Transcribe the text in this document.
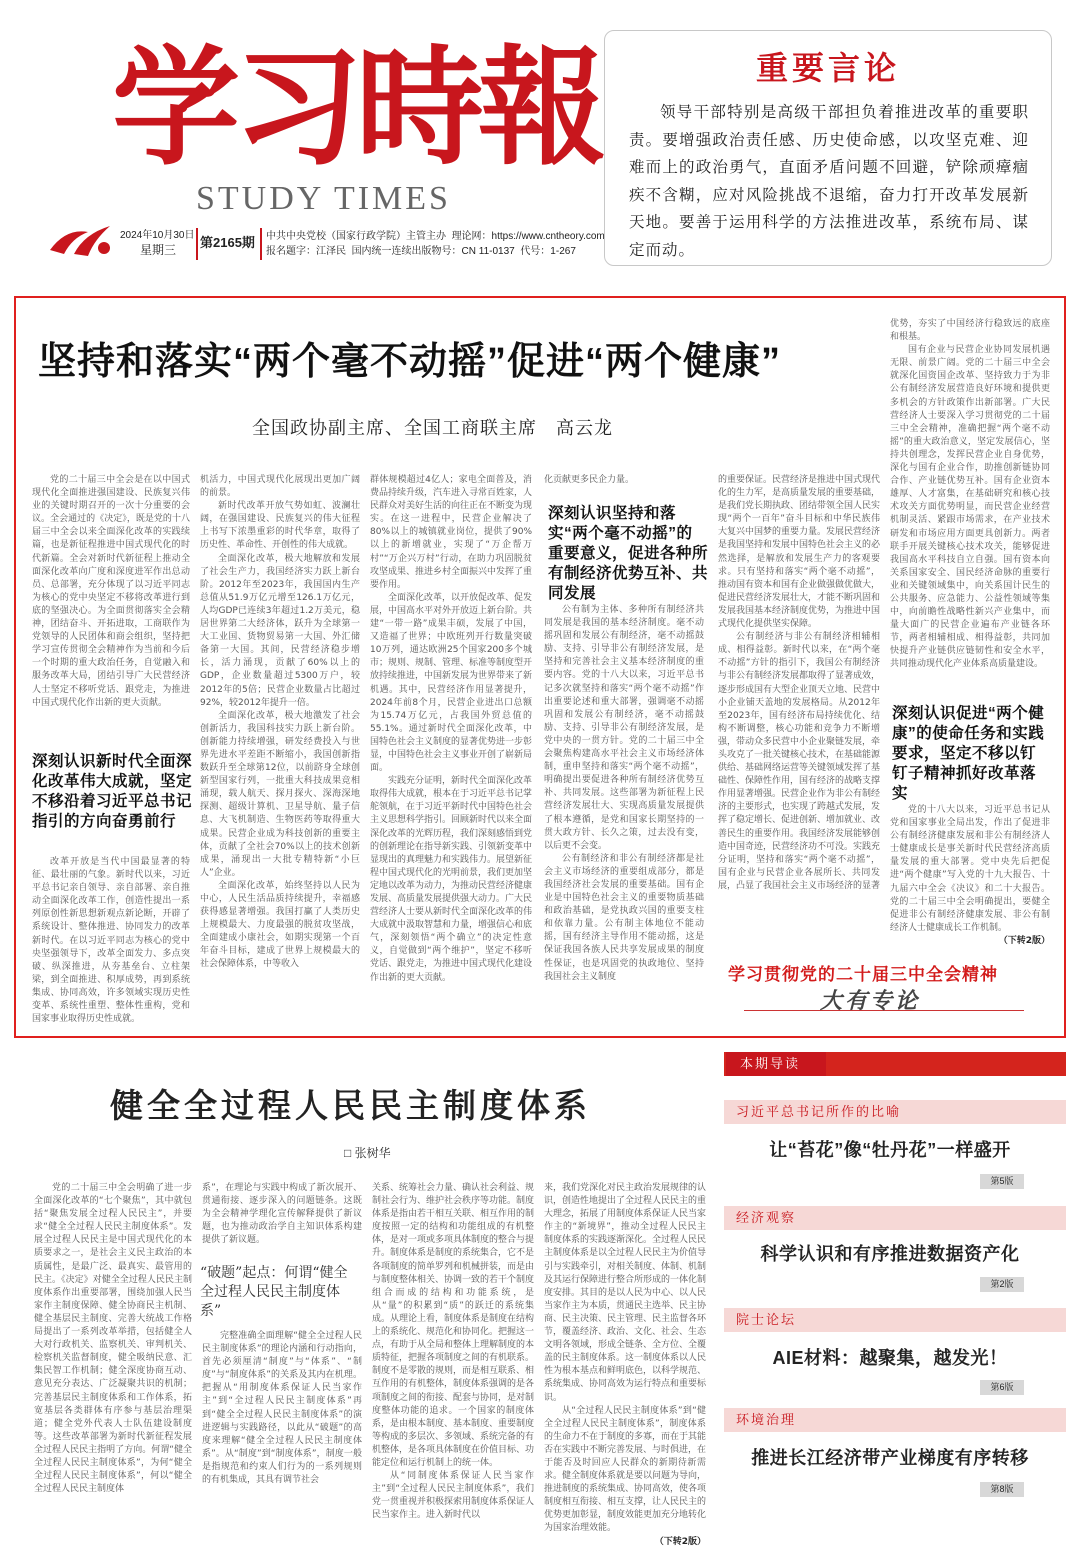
学习時報
STUDY TIMES
2024年10月30日
星期三	第2165期 中共中央党校（国家行政学院）主管主办 理论网：https://www.cntheory.com
报名题字：江泽民 国内统一连续出版物号：CN 11-0137 代号：1-267
重要言论
领导干部特别是高级干部担负着推进改革的重要职责。要增强政治责任感、历史使命感，以攻坚克难、迎难而上的政治勇气，直面矛盾问题不回避，铲除顽瘴痼疾不含糊，应对风险挑战不退缩，奋力打开改革发展新天地。要善于运用科学的方法推进改革，系统布局、谋定而动。
坚持和落实“两个毫不动摇”促进“两个健康”
全国政协副主席、全国工商联主席　高云龙

党的二十届三中全会是在以中国式现代化全面推进强国建设、民族复兴伟业的关键时期召开的一次十分重要的会议。全会通过的《决定》，既是党的十八届三中全会以来全面深化改革的实践续篇，也是新征程推进中国式现代化的时代新篇。全会对新时代新征程上推动全面深化改革向广度和深度进军作出总动员、总部署，充分体现了以习近平同志为核心的党中央坚定不移将改革进行到底的坚强决心。为全面贯彻落实全会精神，团结奋斗、开拓进取，工商联作为党领导的人民团体和商会组织，坚持把学习宣传贯彻全会精神作为当前和今后一个时期的重大政治任务，自觉融入和服务改革大局，团结引导广大民营经济人士坚定不移听党话、跟党走，为推进中国式现代化作出新的更大贡献。

深刻认识新时代全面深化改革伟大成就，坚定不移沿着习近平总书记指引的方向奋勇前行

改革开放是当代中国最显著的特征、最壮丽的气象。新时代以来，习近平总书记亲自领导、亲自部署、亲自推动全面深化改革工作，创造性提出一系列原创性新思想新观点新论断，开辟了系统设计、整体推进、协同发力的改革新时代。在以习近平同志为核心的党中央坚强领导下，改革全面发力、多点突破、纵深推进，从夯基垒台、立柱架梁，到全面推进、积厚成势，再到系统集成、协同高效，许多领域实现历史性变革、系统性重塑、整体性重构，党和国家事业取得历史性成就。

机活力，中国式现代化展现出更加广阔的前景。

新时代改革开放气势如虹、波澜壮阔，在强国建设、民族复兴的伟大征程上书写下浓墨重彩的时代华章，取得了历史性、革命性、开创性的伟大成就。

全面深化改革，极大地解放和发展了社会生产力，我国经济实力跃上新台阶。2012年至2023年，我国国内生产总值从51.9万亿元增至126.1万亿元，人均GDP已连续3年超过1.2万美元，稳居世界第二大经济体，跃升为全球第一大工业国、货物贸易第一大国、外汇储备第一大国。其间，民营经济稳步增长，活力涌现，贡献了60%以上的GDP，企业数量超过5300万户，较2012年的5倍；民营企业数量占比超过92%，较2012年提升一倍。

全面深化改革，极大地激发了社会创新活力，我国科技实力跃上新台阶。创新能力持续增强，研发经费投入与世界先进水平差距不断缩小，我国创新指数跃升至全球第12位，以前跻身全球创新型国家行列，一批重大科技成果竞相涌现，载人航天、探月探火、深海深地探测、超级计算机、卫星导航、量子信息、大飞机制造、生物医药等取得重大成果。民营企业成为科技创新的重要主体，贡献了全社会70%以上的技术创新成果，涌现出一大批专精特新“小巨人”企业。

全面深化改革，始终坚持以人民为中心，人民生活品质持续提升，幸福感获得感显著增强。我国打赢了人类历史上规模最大、力度最强的脱贫攻坚战，全面建成小康社会，如期实现第一个百年奋斗目标，建成了世界上规模最大的社会保障体系，中等收入

群体规模超过4亿人；家电全面普及，消费品持续升级，汽车进入寻常百姓家，人民群众对美好生活的向往正在不断变为现实。在这一进程中，民营企业解决了80%以上的城镇就业岗位，提供了90%以上的新增就业，实现了“万企帮万村”“万企兴万村”行动，在助力巩固脱贫攻坚成果、推进乡村全面振兴中发挥了重要作用。

全面深化改革，以开放促改革、促发展，中国高水平对外开放迈上新台阶。共建“一带一路”成果丰硕，发展了中国，又造福了世界；中欧班列开行数量突破10万列，通达欧洲25个国家200多个城市；规则、规制、管理、标准等制度型开放持续推进，中国新发展为世界带来了新机遇。其中，民营经济作用显著提升，2024年前8个月，民营企业进出口总额为15.74万亿元，占我国外贸总值的55.1%。通过新时代全面深化改革，中国特色社会主义制度的显著优势进一步彰显，中国特色社会主义事业开创了崭新局面。

实践充分证明，新时代全面深化改革取得伟大成就，根本在于习近平总书记掌舵领航，在于习近平新时代中国特色社会主义思想科学指引。回顾新时代以来全面深化改革的光辉历程，我们深刻感悟到党的创新理论在指导新实践、引领新变革中显现出的真理魅力和实践伟力。展望新征程中国式现代化的光明前景，我们更加坚定地以改革为动力，为推动民营经济健康发展、高质量发展提供强大动力。广大民营经济人士要从新时代全面深化改革的伟大成就中汲取智慧和力量，增强信心和底气，深刻领悟“两个确立”的决定性意义，自觉做到“两个维护”，坚定不移听党话、跟党走，为推进中国式现代化建设作出新的更大贡献。

化贡献更多民企力量。

深刻认识坚持和落实“两个毫不动摇”的重要意义，促进各种所有制经济优势互补、共同发展

公有制为主体、多种所有制经济共同发展是我国的基本经济制度。毫不动摇巩固和发展公有制经济，毫不动摇鼓励、支持、引导非公有制经济发展，是坚持和完善社会主义基本经济制度的重要内容。党的十八大以来，习近平总书记多次就坚持和落实“两个毫不动摇”作出重要论述和重大部署，强调毫不动摇巩固和发展公有制经济，毫不动摇鼓励、支持、引导非公有制经济发展，是党中央的一贯方针。党的二十届三中全会聚焦构建高水平社会主义市场经济体制，重申坚持和落实“两个毫不动摇”，明确提出要促进各种所有制经济优势互补、共同发展。这些部署为新征程上民营经济发展壮大、实现高质量发展提供了根本遵循，是党和国家长期坚持的一贯大政方针、长久之策，过去没有变，以后更不会变。

公有制经济和非公有制经济都是社会主义市场经济的重要组成部分，都是我国经济社会发展的重要基础。国有企业是中国特色社会主义的重要物质基础和政治基础，是党执政兴国的重要支柱和依靠力量。公有制主体地位不能动摇，国有经济主导作用不能动摇，这是保证我国各族人民共享发展成果的制度性保证，也是巩固党的执政地位、坚持我国社会主义制度

的重要保证。民营经济是推进中国式现代化的生力军，是高质量发展的重要基础，是我们党长期执政、团结带领全国人民实现“两个一百年”奋斗目标和中华民族伟大复兴中国梦的重要力量。发展民营经济是我国坚持和发展中国特色社会主义的必然选择，是解放和发展生产力的客观要求。只有坚持和落实“两个毫不动摇”，推动国有资本和国有企业做强做优做大，促进民营经济发展壮大，才能不断巩固和发展我国基本经济制度优势，为推进中国式现代化提供坚实保障。

公有制经济与非公有制经济相辅相成、相得益彰。新时代以来，在“两个毫不动摇”方针的指引下，我国公有制经济与非公有制经济发展都取得了显著成效，逐步形成国有大型企业顶天立地、民营中小企业铺天盖地的发展格局。从2012年至2023年，国有经济布局持续优化、结构不断调整，核心功能和竞争力不断增强，带动众多民营中小企业聚链发展，牵头攻克了一批关键核心技术，在基础能源供给、基础网络运营等关键领域发挥了基础性、保障性作用，国有经济的战略支撑作用显著增强。民营企业作为非公有制经济的主要形式，也实现了跨越式发展，发挥了稳定增长、促进创新、增加就业、改善民生的重要作用。我国经济发展能够创造中国奇迹，民营经济功不可没。实践充分证明，坚持和落实“两个毫不动摇”，国有企业与民营企业各展所长、共同发展，凸显了我国社会主义市场经济的显著

优势，夯实了中国经济行稳致远的底座和根基。

国有企业与民营企业协同发展机遇无限、前景广阔。党的二十届三中全会就深化国资国企改革、坚持致力于为非公有制经济发展营造良好环境和提供更多机会的方针政策作出新部署。广大民营经济人士要深入学习贯彻党的二十届三中全会精神，准确把握“两个毫不动摇”的重大政治意义，坚定发展信心，坚持共创理念，发挥民营企业自身优势，深化与国有企业合作，助推创新链协同合作、产业链优势互补。国有企业资本雄厚、人才富集，在基础研究和核心技术攻关方面优势明显，而民营企业经营机制灵活、紧跟市场需求，在产业技术研发和市场应用方面更具创新力。两者联手开展关键核心技术攻关，能够促进我国高水平科技自立自强。国有资本向关系国家安全、国民经济命脉的重要行业和关键领域集中，向关系国计民生的公共服务、应急能力、公益性领域等集中，向前瞻性战略性新兴产业集中，而量大面广的民营企业遍布产业链各环节，两者相辅相成、相得益彰，共同加快提升产业链供应链韧性和安全水平，共同推动现代化产业体系高质量建设。

深刻认识促进“两个健康”的使命任务和实践要求，坚定不移以钉钉子精神抓好改革落实

党的十八大以来，习近平总书记从党和国家事业全局出发，作出了促进非公有制经济健康发展和非公有制经济人士健康成长是事关新时代民营经济高质量发展的重大部署。党中央先后把促进“两个健康”写入党的十九大报告、十九届六中全会《决议》和二十大报告。党的二十届三中全会明确提出，要健全促进非公有制经济健康发展、非公有制经济人士健康成长工作机制。

（下转2版）

学习贯彻党的二十届三中全会精神
大有专论
健全全过程人民民主制度体系
□ 张树华

党的二十届三中全会明确了进一步全面深化改革的“七个聚焦”，其中就包括“聚焦发展全过程人民民主”，并要求“健全全过程人民民主制度体系”。发展全过程人民民主是中国式现代化的本质要求之一，是社会主义民主政治的本质属性，是最广泛、最真实、最管用的民主。《决定》对健全全过程人民民主制度体系作出重要部署，围绕加强人民当家作主制度保障、健全协商民主机制、健全基层民主制度、完善大统战工作格局提出了一系列改革举措，包括健全人大对行政机关、监察机关、审判机关、检察机关监督制度，健全吸纳民意、汇集民智工作机制；健全深度协商互动、意见充分表达、广泛凝聚共识的机制；完善基层民主制度体系和工作体系，拓宽基层各类群体有序参与基层治理渠道；健全党外代表人士队伍建设制度等。这些改革部署为新时代新征程发展全过程人民民主指明了方向。何谓“健全全过程人民民主制度体系”，为何“健全全过程人民民主制度体系”，何以“健全全过程人民民主制度体

系”，在理论与实践中构成了新次展开、贯通衔接、逐步深入的问题链条。这既为全会精神学理化宣传解释提供了新议题，也为推动政治学自主知识体系构建提供了新议题。

“破题”起点：何谓“健全全过程人民民主制度体系”

完整准确全面理解“健全全过程人民民主制度体系”的理论内涵和行动指向，首先必须厘清“制度”与“体系”、“制度”与“制度体系”的关系及其内在机理。把握从“用制度体系保证人民当家作主”到“全过程人民民主制度体系”再到“健全全过程人民民主制度体系”的演进逻辑与实践路径，以此从“破题”的高度来理解“健全全过程人民民主制度体系”。从“制度”到“制度体系”，制度一般是指规范和约束人们行为的一系列规则的有机集成，其具有调节社会

关系、统筹社会力量、确认社会利益、规制社会行为、维护社会秩序等功能。制度体系是指由若干相互关联、相互作用的制度按照一定的结构和功能组成的有机整体，是对一项或多项具体制度的整合与提升。制度体系是制度的系统集合，它不是各项制度的简单罗列和机械拼装，而是由与制度整体相关、协调一致的若干个制度组合而成的结构和功能系统，是从“量”的积累到“质”的跃迁的系统集成。从理论上看，制度体系是制度在结构上的系统化、规范化和协同化。把握这一点，有助于从全局和整体上理解制度的本质特征，把握各项制度之间的有机联系。制度不是零散的规则，而是相互联系、相互作用的有机整体，制度体系强调的是各项制度之间的衔接、配套与协同，是对制度整体功能的追求。一个国家的制度体系，是由根本制度、基本制度、重要制度等构成的多层次、多领域、系统完备的有机整体，是各项具体制度在价值目标、功能定位和运行机制上的统一体。

从“同制度体系保证人民当家作主”到“全过程人民民主制度体系”，我们党一贯重视并积极探索用制度体系保证人民当家作主。进入新时代以

来，我们党深化对民主政治发展规律的认识，创造性地提出了全过程人民民主的重大理念，拓展了用制度体系保证人民当家作主的“新境界”，推动全过程人民民主制度体系的实践逐渐深化。全过程人民民主制度体系是以全过程人民民主为价值导引与实践牵引，对相关制度、体制、机制及其运行保障进行整合所形成的一体化制度安排。其目的是以人民为中心、以人民当家作主为本质，贯通民主选举、民主协商、民主决策、民主管理、民主监督各环节，覆盖经济、政治、文化、社会、生态文明各领域，形成全链条、全方位、全覆盖的民主制度体系。这一制度体系以人民性为根本基点和鲜明底色，以科学规范、系统集成、协同高效为运行特点和重要标识。

从“全过程人民民主制度体系”到“健全全过程人民民主制度体系”，制度体系的生命力不在于制度的多寡，而在于其能否在实践中不断完善发展、与时俱进，在于能否及时回应人民群众的新期待新需求。健全制度体系就是要以问题为导向，推进制度的系统集成、协同高效，使各项制度相互衔接、相互支撑，让人民民主的优势更加彰显，制度效能更加充分地转化为国家治理效能。

（下转2版）

本期导读
习近平总书记所作的比喻
让“苔花”像“牡丹花”一样盛开
第5版
经济观察
科学认识和有序推进数据资产化
第2版
院士论坛
AIE材料：越聚集，越发光！
第6版
环境治理
推进长江经济带产业梯度有序转移
第8版
